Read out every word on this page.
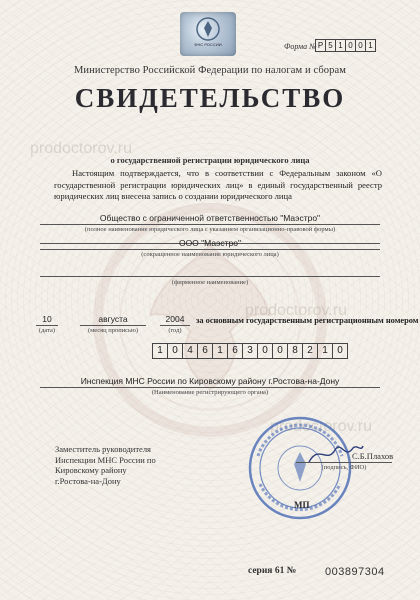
prodoctorov.ru
prodoctorov.ru
prodoctorov.ru
ФНС РОССИИ	Форма № Р 5 1 0 0 1
Министерство Российской Федерации по налогам и сборам
СВИДЕТЕЛЬСТВО
о государственной регистрации юридического лица
Настоящим подтверждается, что в соответствии с Федеральным законом «О государственной регистрации юридических лиц» в единый государственный реестр юридических лиц внесена запись о создании юридического лица
Общество с ограниченной ответственностью "Маэстро"
(полное наименование юридического лица с указанием организационно-правовой формы)
ООО "Маэстро"
(сокращенное наименование юридического лица)
(фирменное наименование)
10
(дата)
августа
(месяц прописью)
2004
(год)
за основным государственным регистрационным номером
1 0 4 6 1 6 3 0 0 8 2 1 0
Инспекция МНС России по Кировскому району г.Ростова-на-Дону
(Наименование регистрирующего органа)
Заместитель руководителя
Инспекции МНС России по
Кировскому району
г.Ростова-на-Дону
С.Б.Плахов
(подпись, ФИО)
МП
серия 61 №	003897304
